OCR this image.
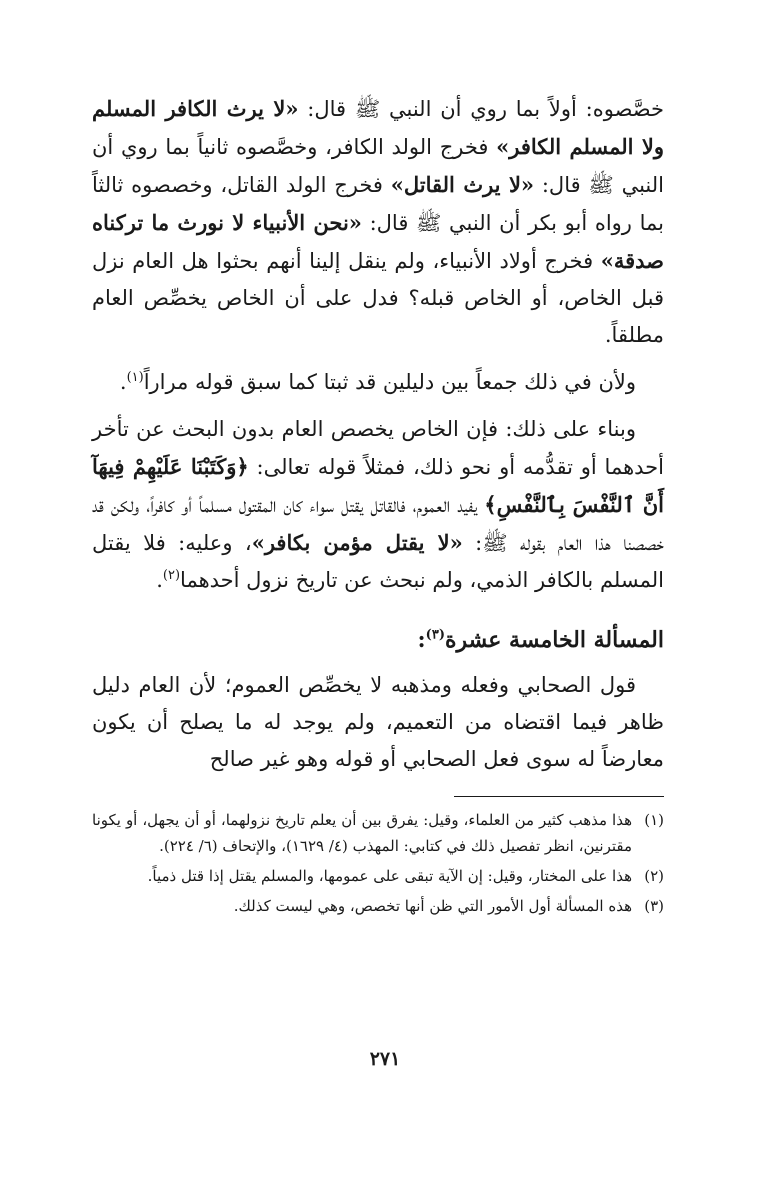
خصَّصوه: أولاً بما روي أن النبي ﷺ قال: «لا يرث الكافر المسلم ولا المسلم الكافر» فخرج الولد الكافر، وخصَّصوه ثانياً بما روي أن النبي ﷺ قال: «لا يرث القاتل» فخرج الولد القاتل، وخصصوه ثالثاً بما رواه أبو بكر أن النبي ﷺ قال: «نحن الأنبياء لا نورث ما تركناه صدقة» فخرج أولاد الأنبياء، ولم ينقل إلينا أنهم بحثوا هل العام نزل قبل الخاص، أو الخاص قبله؟ فدل على أن الخاص يخصِّص العام مطلقاً.

ولأن في ذلك جمعاً بين دليلين قد ثبتا كما سبق قوله مراراً$^{(١)}$.

وبناء على ذلك: فإن الخاص يخصص العام بدون البحث عن تأخر أحدهما أو تقدُّمه أو نحو ذلك، فمثلاً قوله تعالى: ﴿وَكَتَبْنَا عَلَيْهِمْ فِيهَآ أَنَّ ٱلنَّفْسَ بِٱلنَّفْسِ﴾ يفيد العموم، فالقاتل يقتل سواء كان المقتول مسلماً أو كافراً، ولكن قد خصصنا هذا العام بقوله ﷺ: «لا يقتل مؤمن بكافر»، وعليه: فلا يقتل المسلم بالكافر الذمي، ولم نبحث عن تاريخ نزول أحدهما$^{(٢)}$.

المسألة الخامسة عشرة$^{(٣)}$:

قول الصحابي وفعله ومذهبه لا يخصِّص العموم؛ لأن العام دليل ظاهر فيما اقتضاه من التعميم، ولم يوجد له ما يصلح أن يكون معارضاً له سوى فعل الصحابي أو قوله وهو غير صالح

(١)
هذا مذهب كثير من العلماء، وقيل: يفرق بين أن يعلم تاريخ نزولهما، أو أن يجهل، أو يكونا مقترنين، انظر تفصيل ذلك في كتابي: المهذب (٤/ ١٦٢٩)، والإتحاف (٦/ ٢٢٤).
(٢)
هذا على المختار، وقيل: إن الآية تبقى على عمومها، والمسلم يقتل إذا قتل ذمياً.
(٣)
هذه المسألة أول الأمور التي ظن أنها تخصص، وهي ليست كذلك.
٢٧١
